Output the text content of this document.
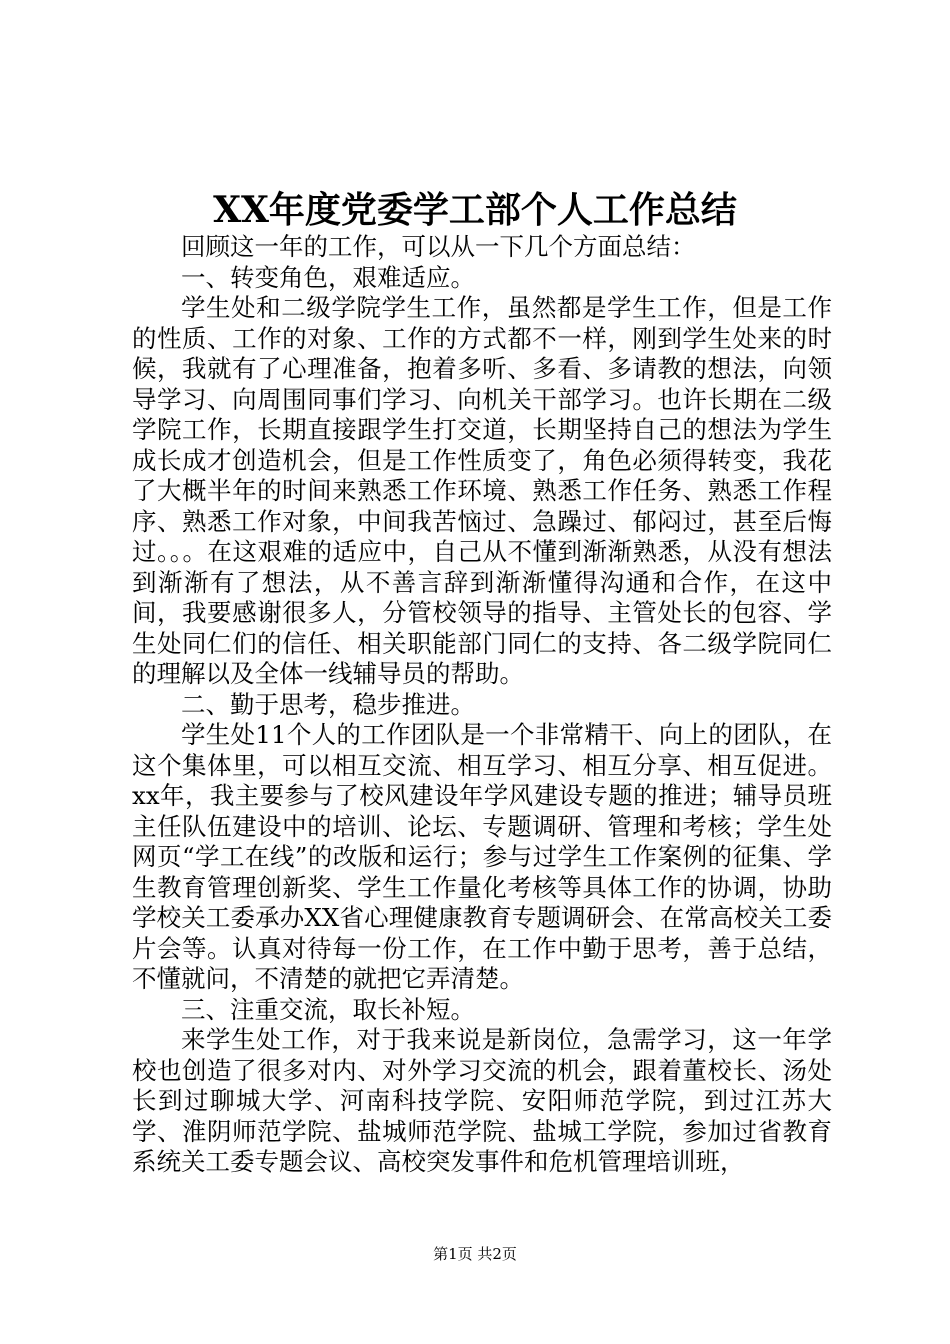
XX年度党委学工部个人工作总结

回顾这一年的工作，可以从一下几个方面总结：

一、转变角色，艰难适应。

学生处和二级学院学生工作，虽然都是学生工作，但是工作的性质、工作的对象、工作的方式都不一样，刚到学生处来的时候，我就有了心理准备，抱着多听、多看、多请教的想法，向领导学习、向周围同事们学习、向机关干部学习。也许长期在二级学院工作，长期直接跟学生打交道，长期坚持自己的想法为学生成长成才创造机会，但是工作性质变了，角色必须得转变，我花了大概半年的时间来熟悉工作环境、熟悉工作任务、熟悉工作程序、熟悉工作对象，中间我苦恼过、急躁过、郁闷过，甚至后悔过。。。在这艰难的适应中，自己从不懂到渐渐熟悉，从没有想法到渐渐有了想法，从不善言辞到渐渐懂得沟通和合作，在这中间，我要感谢很多人，分管校领导的指导、主管处长的包容、学生处同仁们的信任、相关职能部门同仁的支持、各二级学院同仁的理解以及全体一线辅导员的帮助。

二、勤于思考，稳步推进。

学生处11个人的工作团队是一个非常精干、向上的团队，在这个集体里，可以相互交流、相互学习、相互分享、相互促进。xx年，我主要参与了校风建设年学风建设专题的推进；辅导员班主任队伍建设中的培训、论坛、专题调研、管理和考核；学生处网页“学工在线”的改版和运行；参与过学生工作案例的征集、学生教育管理创新奖、学生工作量化考核等具体工作的协调，协助学校关工委承办XX省心理健康教育专题调研会、在常高校关工委片会等。认真对待每一份工作，在工作中勤于思考，善于总结，不懂就问，不清楚的就把它弄清楚。

三、注重交流，取长补短。

来学生处工作，对于我来说是新岗位，急需学习，这一年学校也创造了很多对内、对外学习交流的机会，跟着董校长、汤处长到过聊城大学、河南科技学院、安阳师范学院，到过江苏大学、淮阴师范学院、盐城师范学院、盐城工学院，参加过省教育系统关工委专题会议、高校突发事件和危机管理培训班，

第1页 共2页
